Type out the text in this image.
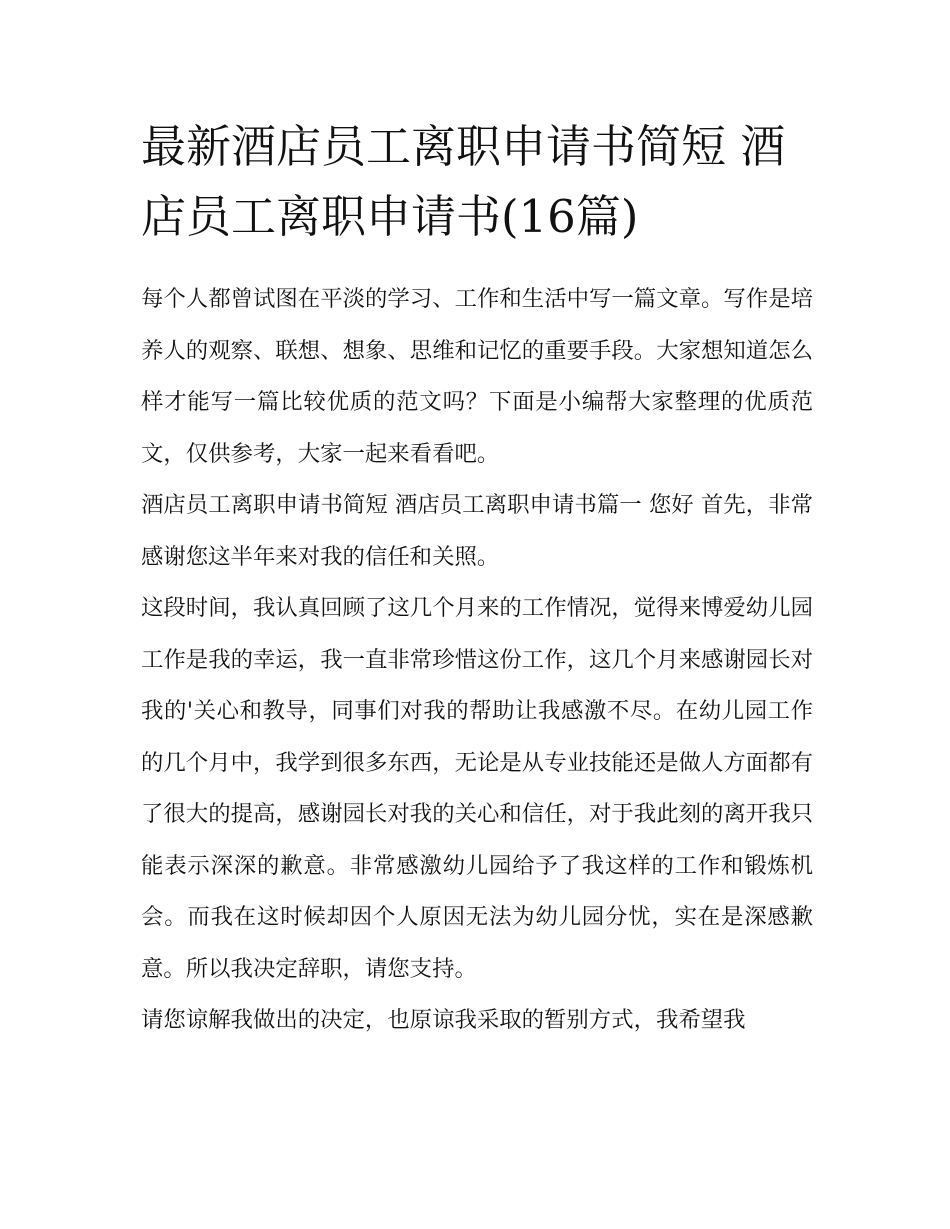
最新酒店员工离职申请书简短 酒店员工离职申请书(16篇)

每个人都曾试图在平淡的学习、工作和生活中写一篇文章。写作是培养人的观察、联想、想象、思维和记忆的重要手段。大家想知道怎么样才能写一篇比较优质的范文吗？下面是小编帮大家整理的优质范文，仅供参考，大家一起来看看吧。

酒店员工离职申请书简短 酒店员工离职申请书篇一 您好 首先，非常感谢您这半年来对我的信任和关照。

这段时间，我认真回顾了这几个月来的工作情况，觉得来博爱幼儿园工作是我的幸运，我一直非常珍惜这份工作，这几个月来感谢园长对我的'关心和教导，同事们对我的帮助让我感激不尽。在幼儿园工作的几个月中，我学到很多东西，无论是从专业技能还是做人方面都有了很大的提高，感谢园长对我的关心和信任，对于我此刻的离开我只能表示深深的歉意。非常感激幼儿园给予了我这样的工作和锻炼机会。而我在这时候却因个人原因无法为幼儿园分忧，实在是深感歉意。所以我决定辞职，请您支持。

请您谅解我做出的决定，也原谅我采取的暂别方式，我希望我
